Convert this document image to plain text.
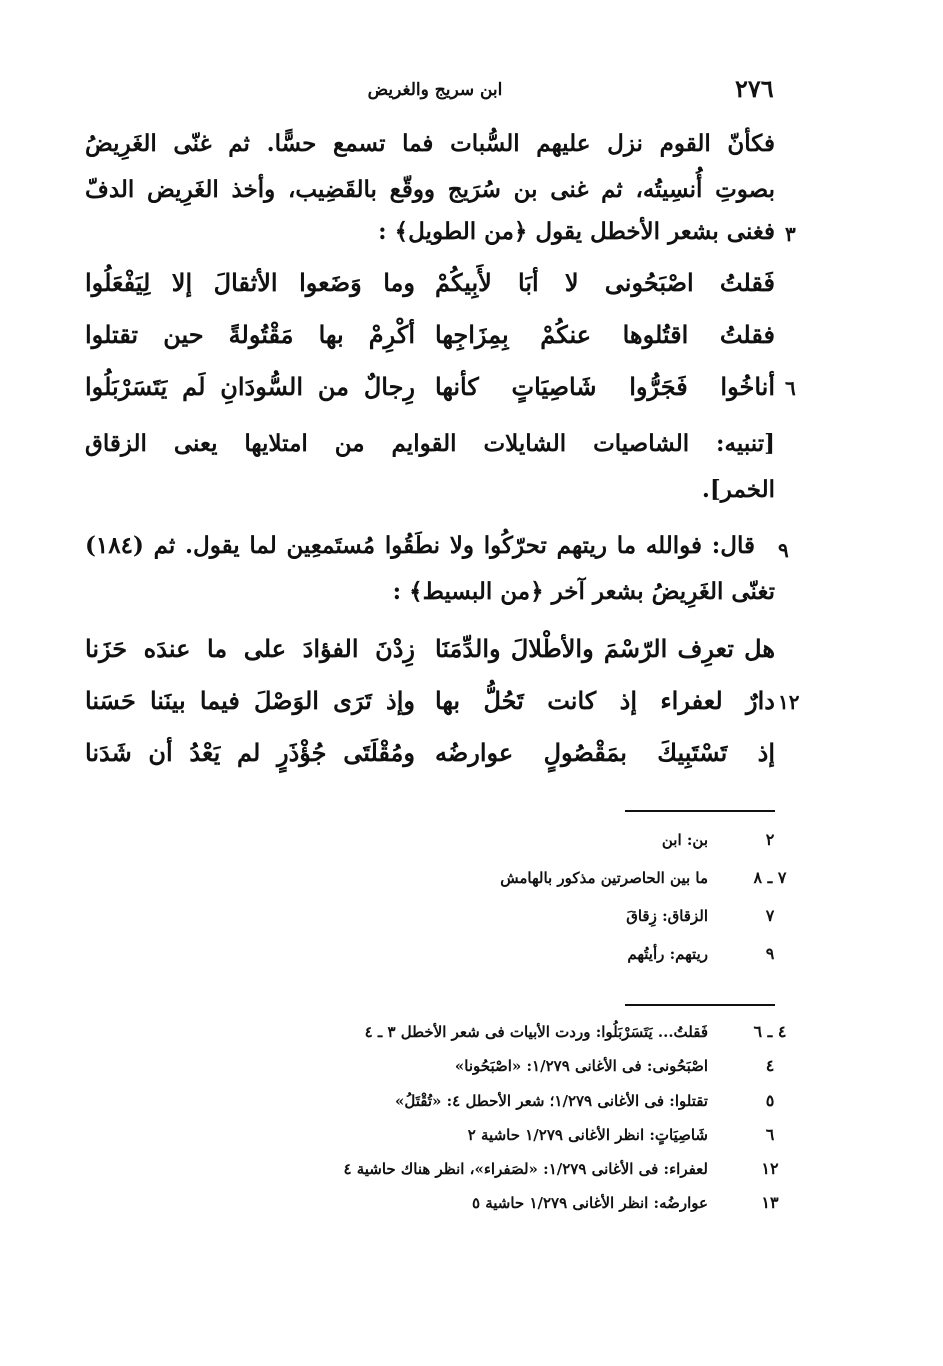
٢٧٦
ابن سريج والغريض
فكأنّ القوم نزل عليهم السُّبات فما تسمع حسًّا. ثم غنّى الغَرِيضُ
بصوتِ أُنسِيتُه، ثم غنى بن سُرَيج ووقّع بالقَضِيب، وأخذ الغَرِيض الدفّ
٣
فغنى بشعر الأخطل يقول ﴿من الطويل﴾ :
فَقلتُ اصْبَحُونى لا أبَا لأَبِيكُمْ
وما وَضَعوا الأثقالَ إلا لِيَفْعَلُوا
فقلتُ اقتُلوها عنكُمْ بِمِزَاجِها
أكْرِمْ بها مَقْتُولةً حين تقتلوا
٦
أناخُوا فَجَرُّوا شَاصِيَاتٍ كأنها
رِجالٌ من السُّودَانِ لَم يَتَسَرْبَلُوا
[تنبيه: الشاصيات الشايلات القوايم من امتلايها يعنى الزقاق
الخمر].
٩
قال: فوالله ما ريتهم تحرّكُوا ولا نطَقُوا مُستَمعِين لما يقول. ثم (١٨٤)
تغنّى الغَرِيضُ بشعر آخر ﴿من البسيط﴾ :
هل تعرِف الرّسْمَ والأطْلالَ والدِّمَنَا
زِدْنَ الفؤادَ على ما عندَه حَزَنا
١٢
دارٌ لعفراء إذ كانت تَحُلُّ بها
وإذ تَرَى الوَصْلَ فيما بينَنا حَسَنا
إذ تَسْتَبِيكَ بمَقْصُولٍ عوارضُه
ومُقْلَتَى جُؤْذَرٍ لم يَعْدُ أن شَدَنا
٢
بن: ابن
٧ ـ ٨
ما بين الحاصرتين مذكور بالهامش
٧
الزقاق: زِقاقَ
٩
ريتهم: رأيتُهم
٤ ـ ٦
فَقلتُ... يَتَسَرْبَلُوا: وردت الأبيات فى شعر الأخطل ٣ ـ ٤
٤
اصْبَحُونى: فى الأغانى ١/٢٧٩: «اصْبَحُونا»
٥
تقتلوا: فى الأغانى ١/٢٧٩؛ شعر الأحطل ٤: «تُقْتَلُ»
٦
شَاصِيَاتٍ: انظر الأغانى ١/٢٧٩ حاشية ٢
١٢
لعفراء: فى الأغانى ١/٢٧٩: «لصَفراء»، انظر هناك حاشية ٤
١٣
عوارضُه: انظر الأغانى ١/٢٧٩ حاشية ٥
